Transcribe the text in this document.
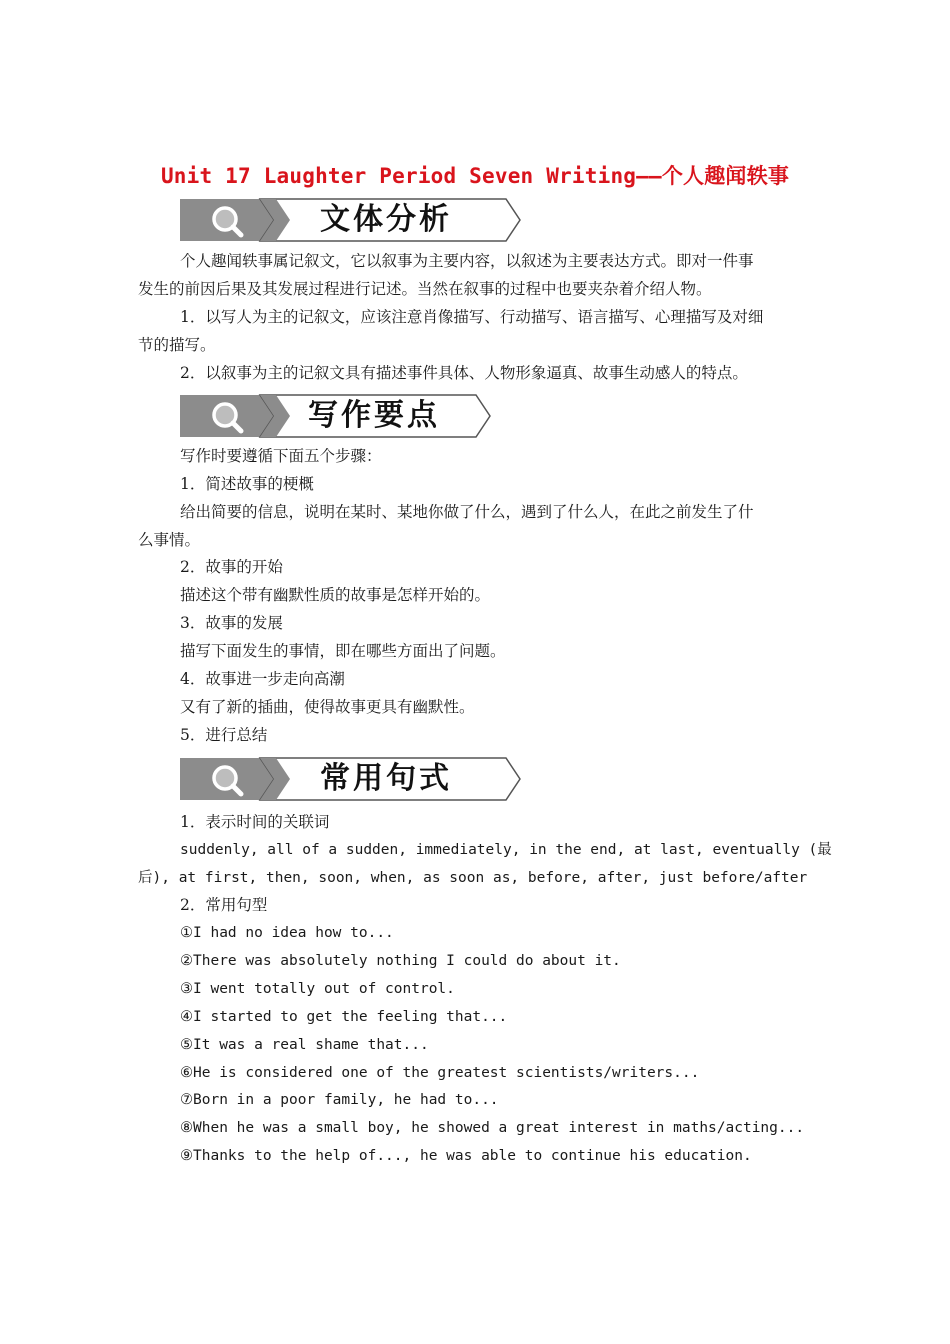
Unit 17 Laughter Period Seven Writing——个人趣闻轶事
文体分析
个人趣闻轶事属记叙文，它以叙事为主要内容，以叙述为主要表达方式。即对一件事
发生的前因后果及其发展过程进行记述。当然在叙事的过程中也要夹杂着介绍人物。
1．以写人为主的记叙文，应该注意肖像描写、行动描写、语言描写、心理描写及对细
节的描写。
2．以叙事为主的记叙文具有描述事件具体、人物形象逼真、故事生动感人的特点。
写作要点
写作时要遵循下面五个步骤：
1．简述故事的梗概
给出简要的信息，说明在某时、某地你做了什么，遇到了什么人，在此之前发生了什
么事情。
2．故事的开始
描述这个带有幽默性质的故事是怎样开始的。
3．故事的发展
描写下面发生的事情，即在哪些方面出了问题。
4．故事进一步走向高潮
又有了新的插曲，使得故事更具有幽默性。
5．进行总结
常用句式
1．表示时间的关联词
suddenly, all of a sudden, immediately, in the end, at last, eventually (最
后), at first, then, soon, when, as soon as, before, after, just before/after
2．常用句型
①I had no idea how to...
②There was absolutely nothing I could do about it.
③I went totally out of control.
④I started to get the feeling that...
⑤It was a real shame that...
⑥He is considered one of the greatest scientists/writers...
⑦Born in a poor family, he had to...
⑧When he was a small boy, he showed a great interest in maths/acting...
⑨Thanks to the help of..., he was able to continue his education.
